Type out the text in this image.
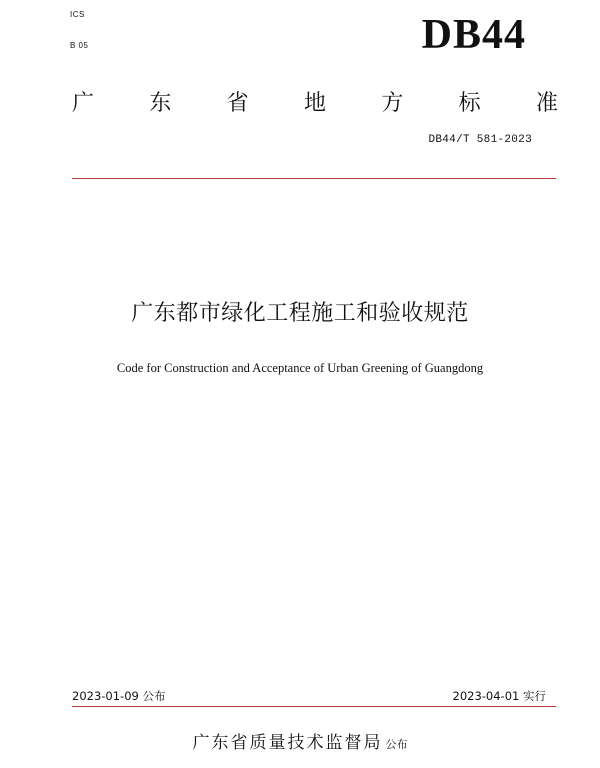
ICS
B 05	DB44
广	东	省	地	方	标	准
DB44/T 581-2023
广东都市绿化工程施工和验收规范
Code for Construction and Acceptance of Urban Greening of Guangdong
2023-01-09 公布	2023-04-01 实行
广东省质量技术监督局 公布
